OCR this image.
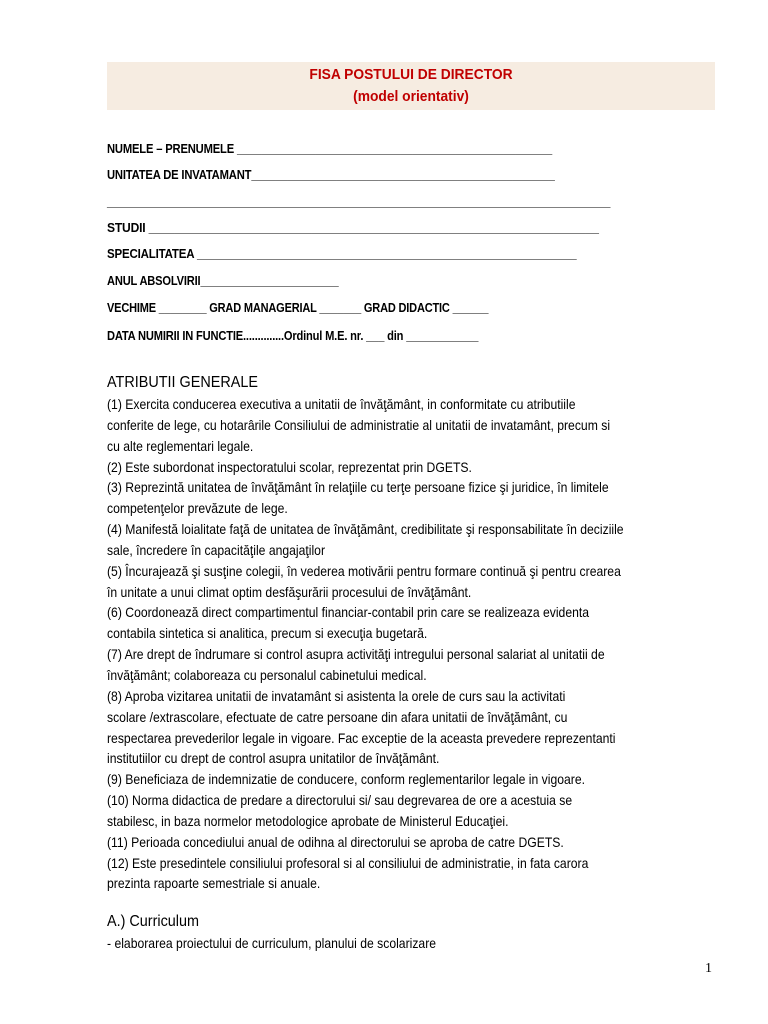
FISA POSTULUI DE DIRECTOR
(model orientativ)
NUMELE – PRENUMELE ____________________________________________________
UNITATEA DE INVATAMANT__________________________________________________
____________________________________________________________________________
STUDII _____________________________________________________________________
SPECIALITATEA _____________________________________________________________
ANUL ABSOLVIRII_______________________
VECHIME ________ GRAD MANAGERIAL _______ GRAD DIDACTIC ______
DATA NUMIRII IN FUNCTIE..............Ordinul M.E. nr. ___ din ____________
ATRIBUTII GENERALE
(1) Exercita conducerea executiva a unitatii de învăţământ, in conformitate cu atributiile
conferite de lege, cu hotarârile Consiliului de administratie al unitatii de invatamânt, precum si
cu alte reglementari legale.
(2) Este subordonat inspectoratului scolar, reprezentat prin DGETS.
(3) Reprezintă unitatea de învăţământ în relaţiile cu terţe persoane fizice şi juridice, în limitele
competenţelor prevăzute de lege.
(4) Manifestă loialitate faţă de unitatea de învăţământ, credibilitate şi responsabilitate în deciziile
sale, încredere în capacităţile angajaţilor
(5) Încurajează şi susţine colegii, în vederea motivării pentru formare continuă şi pentru crearea
în unitate a unui climat optim desfăşurării procesului de învăţământ.
(6) Coordonează direct compartimentul financiar-contabil prin care se realizeaza evidenta
contabila sintetica si analitica, precum si execuţia bugetară.
(7) Are drept de îndrumare si control asupra activităţi intregului personal salariat al unitatii de
învăţământ; colaboreaza cu personalul cabinetului medical.
(8) Aproba vizitarea unitatii de invatamânt si asistenta la orele de curs sau la activitati
scolare /extrascolare, efectuate de catre persoane din afara unitatii de învăţământ, cu
respectarea prevederilor legale in vigoare. Fac exceptie de la aceasta prevedere reprezentanti
institutiilor cu drept de control asupra unitatilor de învăţământ.
(9) Beneficiaza de indemnizatie de conducere, conform reglementarilor legale in vigoare.
(10) Norma didactica de predare a directorului si/ sau degrevarea de ore a acestuia se
stabilesc, in baza normelor metodologice aprobate de Ministerul Educaţiei.
(11) Perioada concediului anual de odihna al directorului se aproba de catre DGETS.
(12) Este presedintele consiliului profesoral si al consiliului de administratie, in fata carora
prezinta rapoarte semestriale si anuale.
A.) Curriculum
- elaborarea proiectului de curriculum, planului de scolarizare
1
